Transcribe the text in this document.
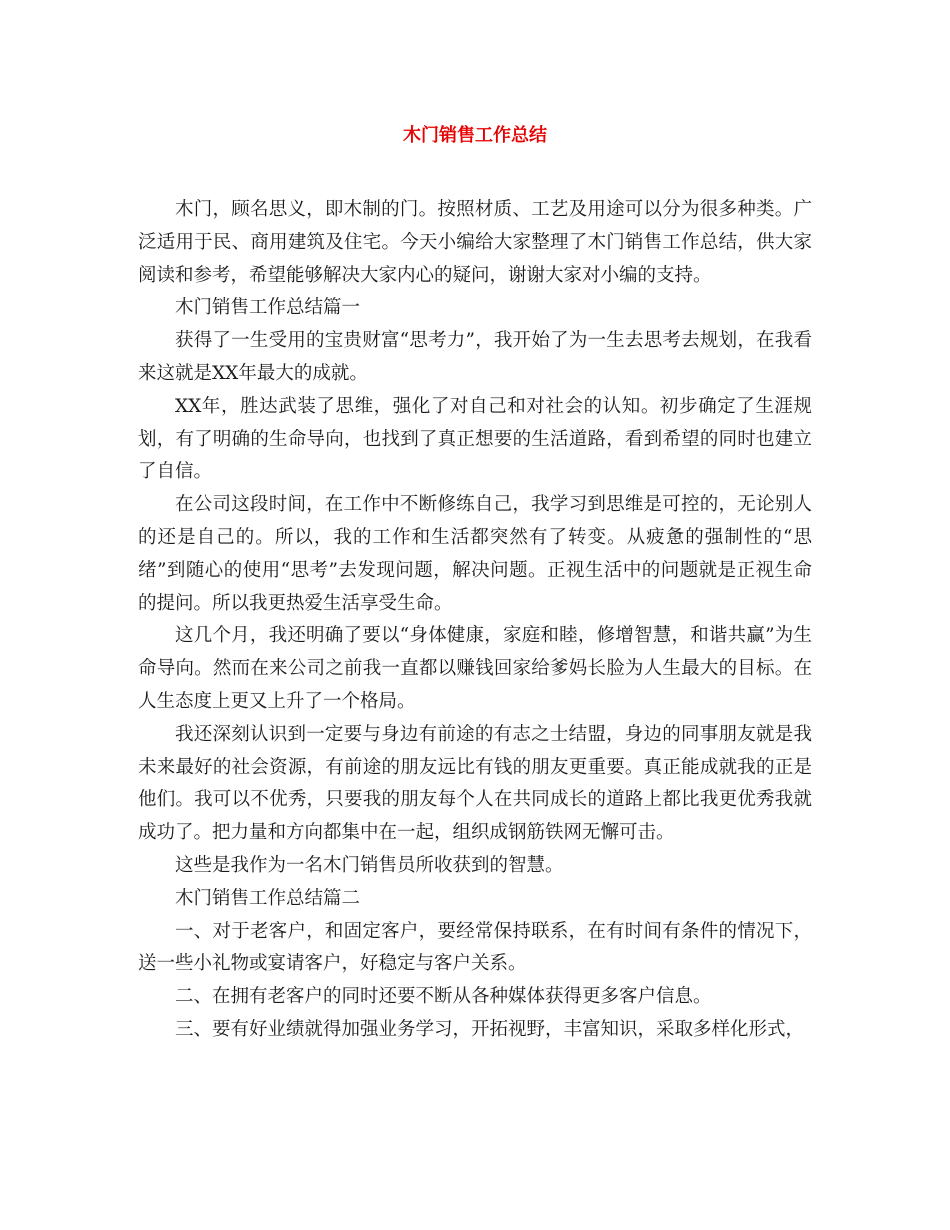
木门销售工作总结

木门，顾名思义，即木制的门。按照材质、工艺及用途可以分为很多种类。广泛适用于民、商用建筑及住宅。今天小编给大家整理了木门销售工作总结，供大家阅读和参考，希望能够解决大家内心的疑问，谢谢大家对小编的支持。

木门销售工作总结篇一

获得了一生受用的宝贵财富“思考力”，我开始了为一生去思考去规划，在我看来这就是XX年最大的成就。

XX年，胜达武装了思维，强化了对自己和对社会的认知。初步确定了生涯规划，有了明确的生命导向，也找到了真正想要的生活道路，看到希望的同时也建立了自信。

在公司这段时间，在工作中不断修练自己，我学习到思维是可控的，无论别人的还是自己的。所以，我的工作和生活都突然有了转变。从疲惫的强制性的“思绪”到随心的使用“思考”去发现问题，解决问题。正视生活中的问题就是正视生命的提问。所以我更热爱生活享受生命。

这几个月，我还明确了要以“身体健康，家庭和睦，修增智慧，和谐共赢”为生命导向。然而在来公司之前我一直都以赚钱回家给爹妈长脸为人生最大的目标。在人生态度上更又上升了一个格局。

我还深刻认识到一定要与身边有前途的有志之士结盟，身边的同事朋友就是我未来最好的社会资源，有前途的朋友远比有钱的朋友更重要。真正能成就我的正是他们。我可以不优秀，只要我的朋友每个人在共同成长的道路上都比我更优秀我就成功了。把力量和方向都集中在一起，组织成钢筋铁网无懈可击。

这些是我作为一名木门销售员所收获到的智慧。

木门销售工作总结篇二

一、对于老客户，和固定客户，要经常保持联系，在有时间有条件的情况下，送一些小礼物或宴请客户，好稳定与客户关系。

二、在拥有老客户的同时还要不断从各种媒体获得更多客户信息。

三、要有好业绩就得加强业务学习，开拓视野，丰富知识，采取多样化形式，
